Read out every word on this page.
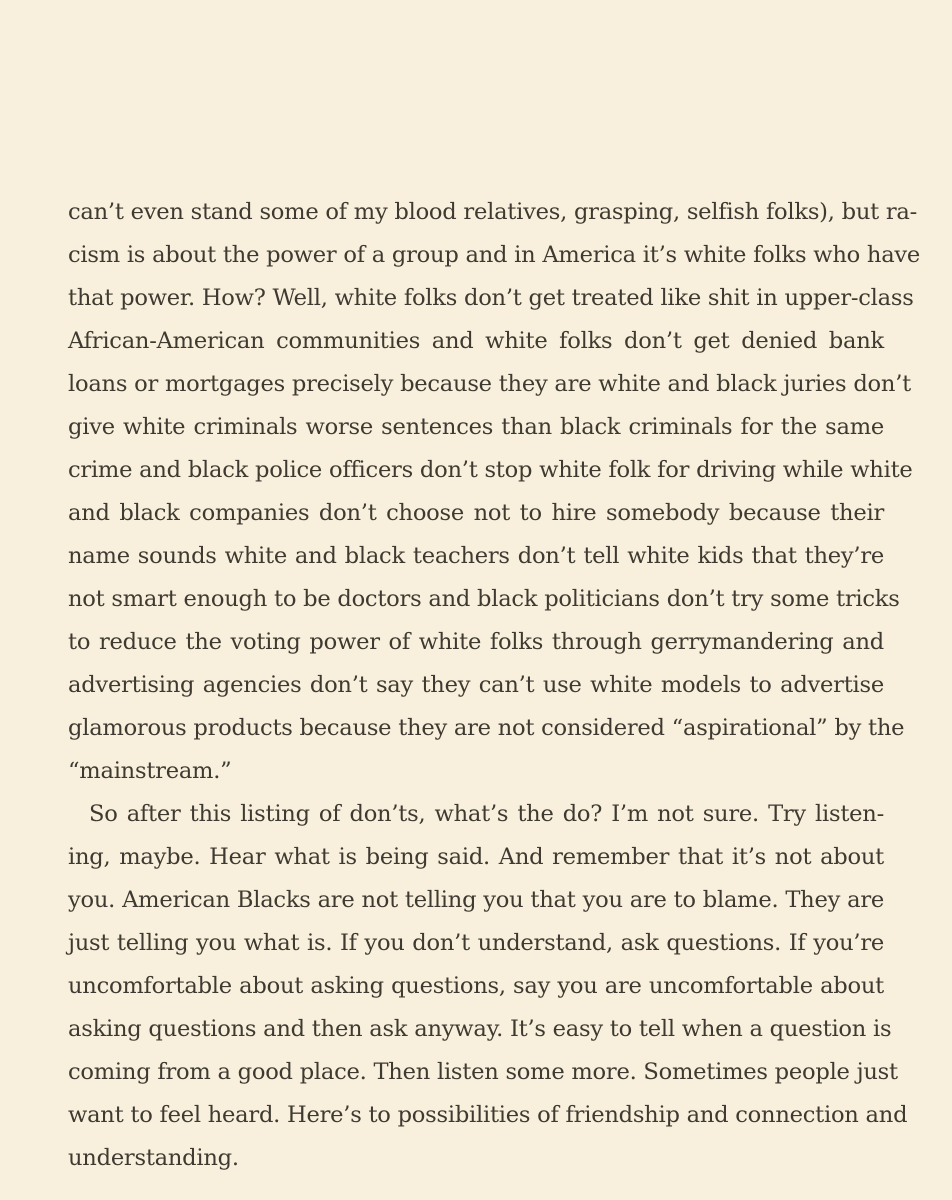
can’t even stand some of my blood relatives, grasping, selfish folks), but ra-
cism is about the power of a group and in America it’s white folks who have
that power. How? Well, white folks don’t get treated like shit in upper-class
African-American communities and white folks don’t get denied bank
loans or mortgages precisely because they are white and black juries don’t
give white criminals worse sentences than black criminals for the same
crime and black police officers don’t stop white folk for driving while white
and black companies don’t choose not to hire somebody because their
name sounds white and black teachers don’t tell white kids that they’re
not smart enough to be doctors and black politicians don’t try some tricks
to reduce the voting power of white folks through gerrymandering and
advertising agencies don’t say they can’t use white models to advertise
glamorous products because they are not considered “aspirational” by the
“mainstream.”

So after this listing of don’ts, what’s the do? I’m not sure. Try listen-
ing, maybe. Hear what is being said. And remember that it’s not about
you. American Blacks are not telling you that you are to blame. They are
just telling you what is. If you don’t understand, ask questions. If you’re
uncomfortable about asking questions, say you are uncomfortable about
asking questions and then ask anyway. It’s easy to tell when a question is
coming from a good place. Then listen some more. Sometimes people just
want to feel heard. Here’s to possibilities of friendship and connection and
understanding.
